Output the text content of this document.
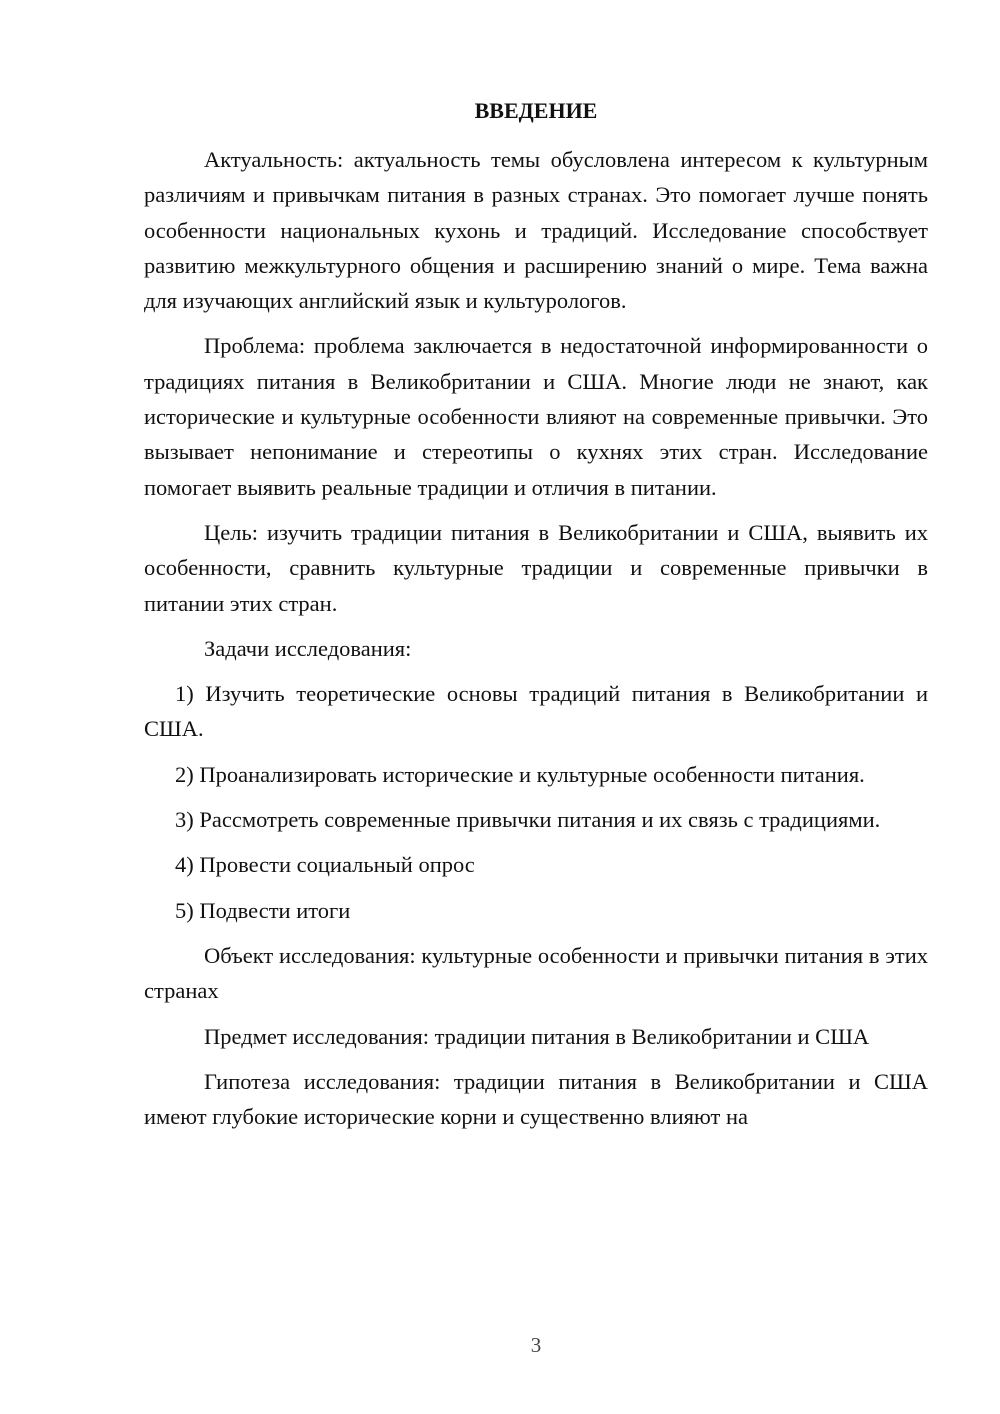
ВВЕДЕНИЕ

Актуальность: актуальность темы обусловлена интересом к культурным различиям и привычкам питания в разных странах. Это помогает лучше понять особенности национальных кухонь и традиций. Исследование способствует развитию межкультурного общения и расширению знаний о мире. Тема важна для изучающих английский язык и культурологов.

Проблема: проблема заключается в недостаточной информированности о традициях питания в Великобритании и США. Многие люди не знают, как исторические и культурные особенности влияют на современные привычки. Это вызывает непонимание и стереотипы о кухнях этих стран. Исследование помогает выявить реальные традиции и отличия в питании.

Цель: изучить традиции питания в Великобритании и США, выявить их особенности, сравнить культурные традиции и современные привычки в питании этих стран.

Задачи исследования:

1) Изучить теоретические основы традиций питания в Великобритании и США.

2) Проанализировать исторические и культурные особенности питания.

3) Рассмотреть современные привычки питания и их связь с традициями.

4) Провести социальный опрос

5) Подвести итоги

Объект исследования: культурные особенности и привычки питания в этих странах

Предмет исследования: традиции питания в Великобритании и США

Гипотеза исследования: традиции питания в Великобритании и США имеют глубокие исторические корни и существенно влияют на

3
